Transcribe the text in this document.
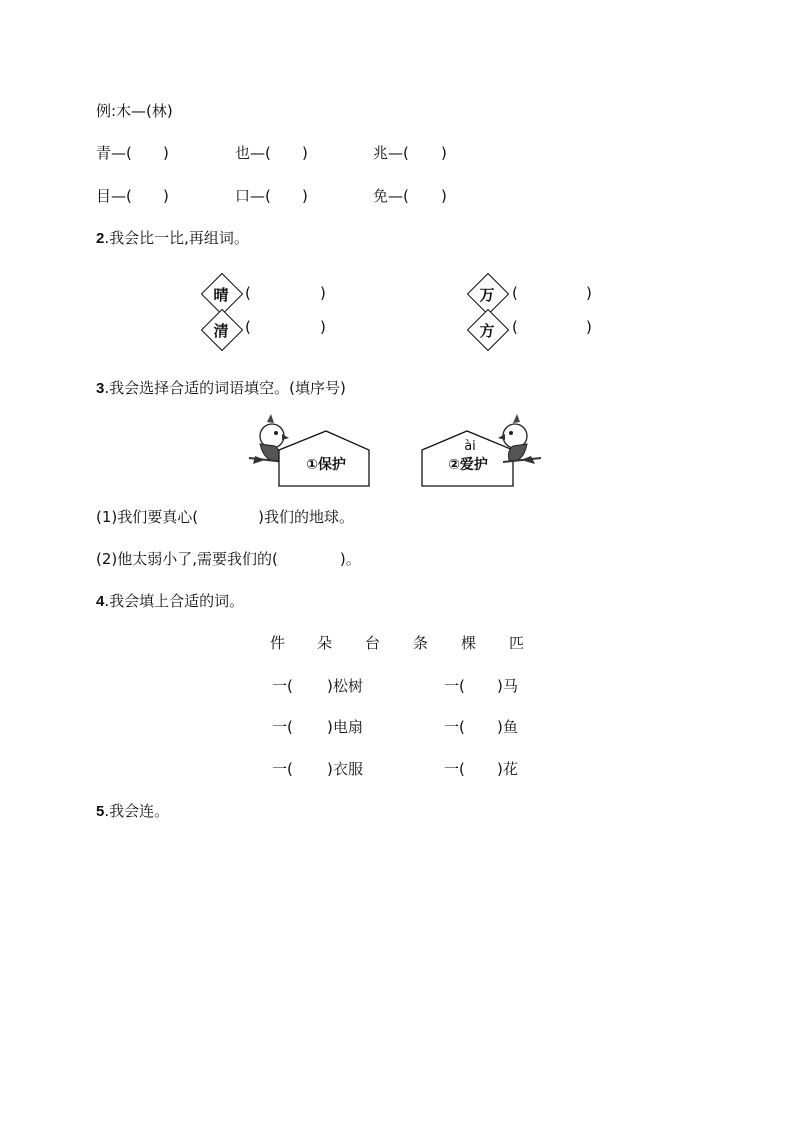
例:木—(林)
青—( )	也—( )	兆—( )
目—( )	口—( )	免—( )
2.我会比一比,再组词。
晴	(	)
清	(	)
万	(	)
方	(	)
3.我会选择合适的词语填空。(填序号)
①保护
ài
②爱护
(1)我们要真心(	)我们的地球。
(2)他太弱小了,需要我们的(	)。
4.我会填上合适的词。
件 朵 台 条 棵 匹
一( ) 松树	一( ) 马
一( ) 电扇	一( ) 鱼
一( ) 衣服	一( ) 花
5.我会连。
